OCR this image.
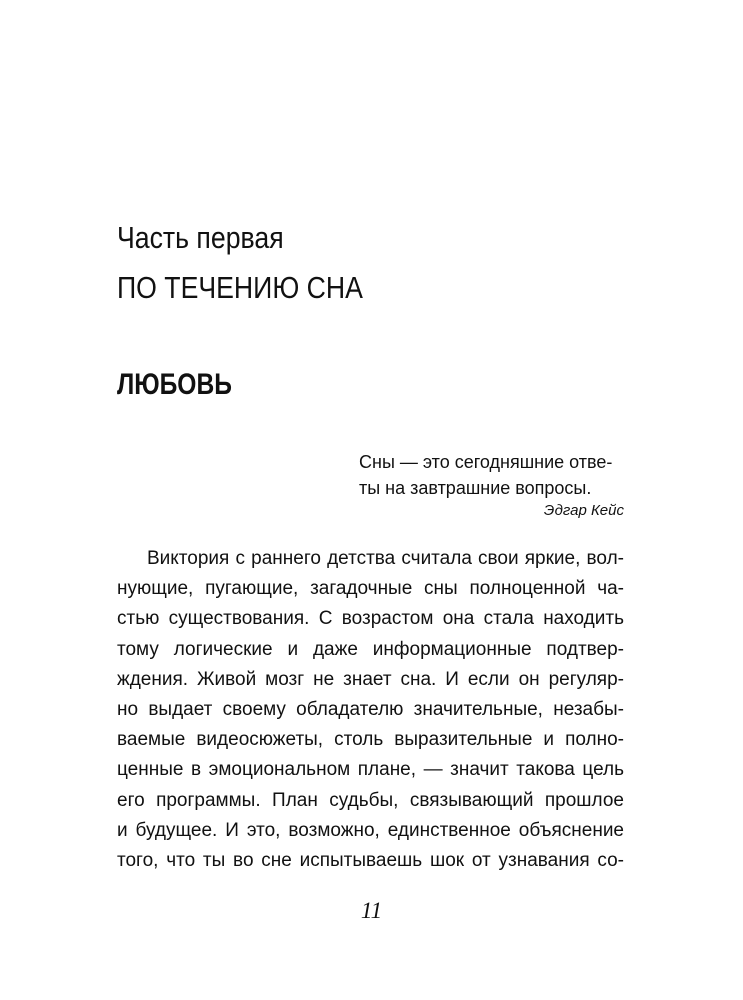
Часть первая
ПО ТЕЧЕНИЮ СНА
ЛЮБОВЬ
Сны — это сегодняшние отве-
ты на завтрашние вопросы.
Эдгар Кейс
Виктория с раннего детства считала свои яркие, вол-
нующие, пугающие, загадочные сны полноценной ча-
стью существования. С возрастом она стала находить
тому логические и даже информационные подтвер-
ждения. Живой мозг не знает сна. И если он регуляр-
но выдает своему обладателю значительные, незабы-
ваемые видеосюжеты, столь выразительные и полно-
ценные в эмоциональном плане, — значит такова цель
его программы. План судьбы, связывающий прошлое
и будущее. И это, возможно, единственное объяснение
того, что ты во сне испытываешь шок от узнавания со-
11
